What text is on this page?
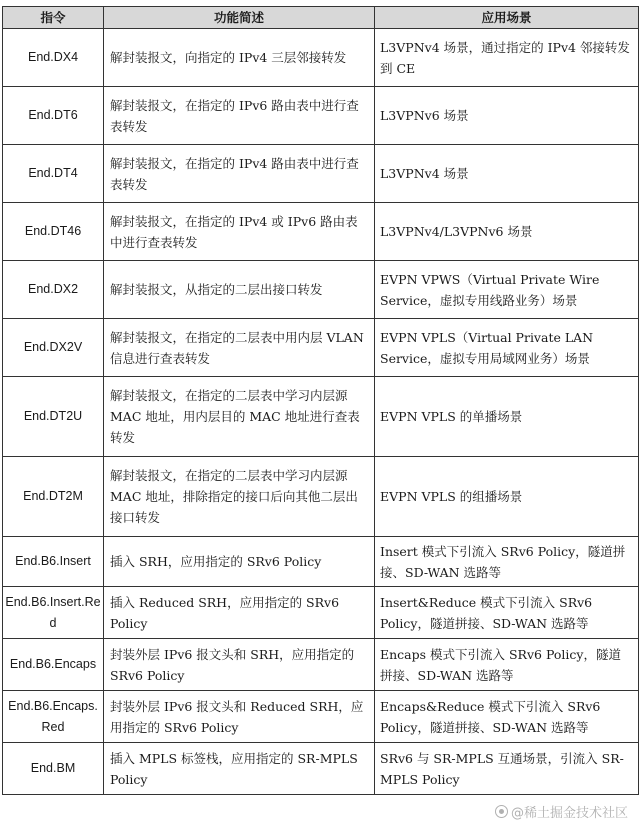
指令	功能简述	应用场景
End.DX4	解封装报文，向指定的 IPv4 三层邻接转发	L3VPNv4 场景，通过指定的 IPv4 邻接转发到 CE
End.DT6	解封装报文，在指定的 IPv6 路由表中进行查表转发	L3VPNv6 场景
End.DT4	解封装报文，在指定的 IPv4 路由表中进行查表转发	L3VPNv4 场景
End.DT46	解封装报文，在指定的 IPv4 或 IPv6 路由表中进行查表转发	L3VPNv4/L3VPNv6 场景
End.DX2	解封装报文，从指定的二层出接口转发	EVPN VPWS（Virtual Private Wire Service，虚拟专用线路业务）场景
End.DX2V	解封装报文，在指定的二层表中用内层 VLAN 信息进行查表转发	EVPN VPLS（Virtual Private LAN Service，虚拟专用局域网业务）场景
End.DT2U	解封装报文，在指定的二层表中学习内层源 MAC 地址，用内层目的 MAC 地址进行查表转发	EVPN VPLS 的单播场景
End.DT2M	解封装报文，在指定的二层表中学习内层源 MAC 地址，排除指定的接口后向其他二层出接口转发	EVPN VPLS 的组播场景
End.B6.Insert	插入 SRH，应用指定的 SRv6 Policy	Insert 模式下引流入 SRv6 Policy，隧道拼接、SD-WAN 选路等
End.B6.Insert.Red	插入 Reduced SRH，应用指定的 SRv6 Policy	Insert&Reduce 模式下引流入 SRv6 Policy，隧道拼接、SD-WAN 选路等
End.B6.Encaps	封装外层 IPv6 报文头和 SRH，应用指定的 SRv6 Policy	Encaps 模式下引流入 SRv6 Policy，隧道拼接、SD-WAN 选路等
End.B6.Encaps.Red	封装外层 IPv6 报文头和 Reduced SRH，应用指定的 SRv6 Policy	Encaps&Reduce 模式下引流入 SRv6 Policy，隧道拼接、SD-WAN 选路等
End.BM	插入 MPLS 标签栈，应用指定的 SR-MPLS Policy	SRv6 与 SR-MPLS 互通场景，引流入 SR-MPLS Policy
@稀土掘金技术社区
